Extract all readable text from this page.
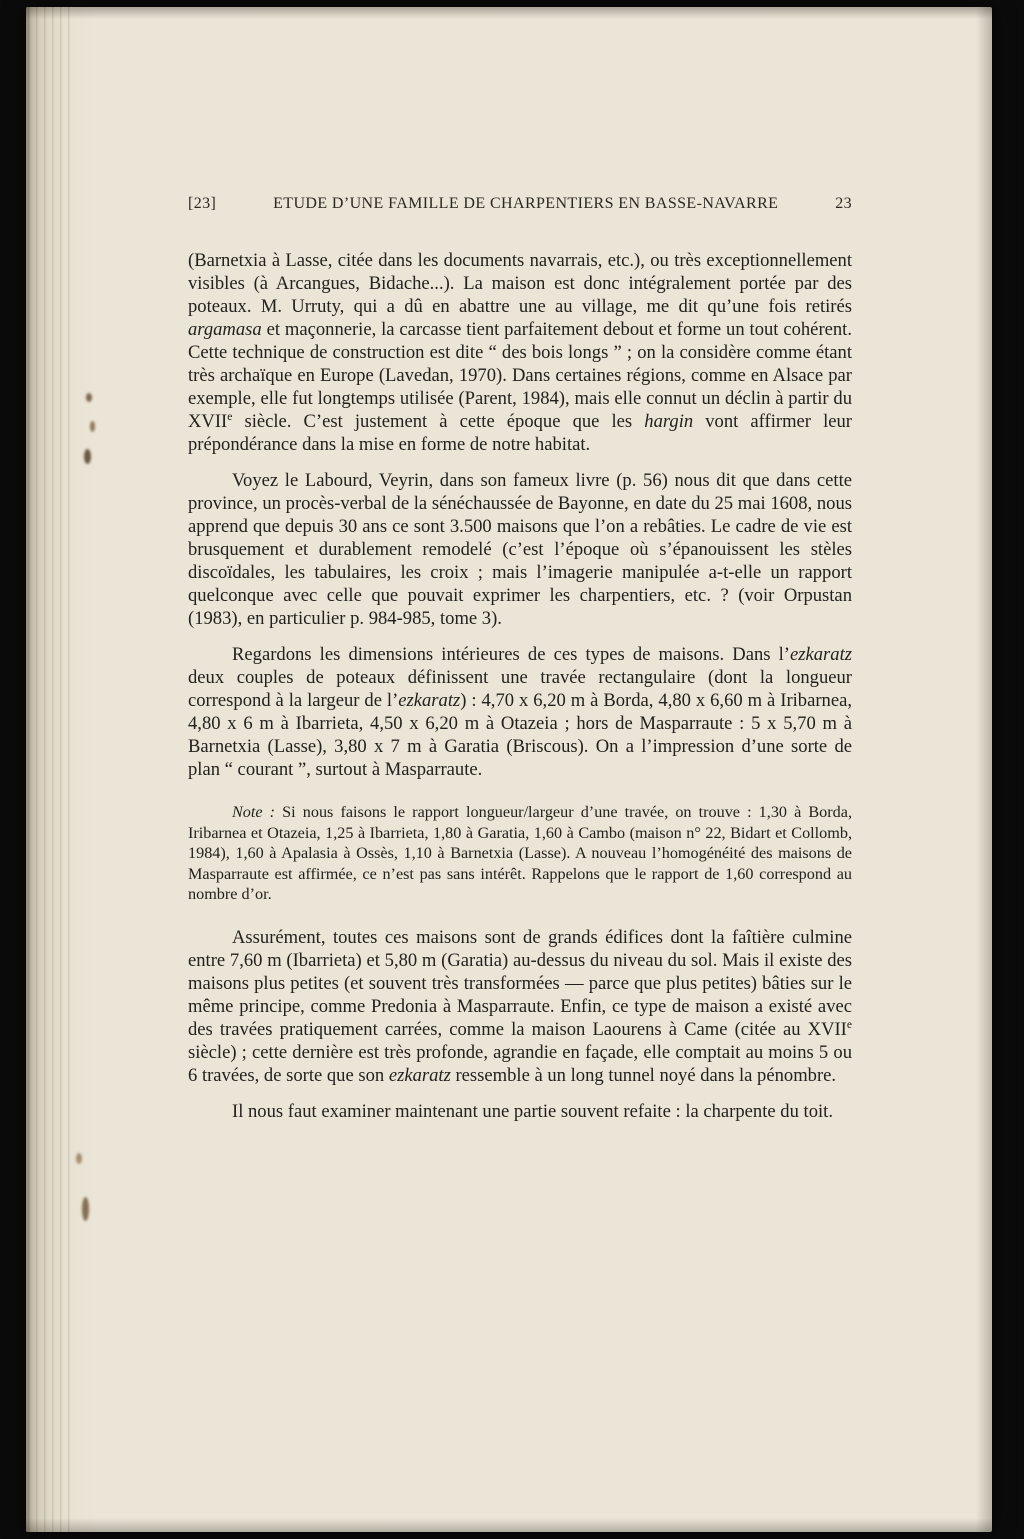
[23]	ETUDE D’UNE FAMILLE DE CHARPENTIERS EN BASSE-NAVARRE	23

(Barnetxia à Lasse, citée dans les documents navarrais, etc.), ou très exceptionnellement visibles (à Arcangues, Bidache...). La maison est donc intégralement portée par des poteaux. M. Urruty, qui a dû en abattre une au village, me dit qu’une fois retirés argamasa et maçonnerie, la carcasse tient parfaitement debout et forme un tout cohérent. Cette technique de construction est dite “ des bois longs ” ; on la considère comme étant très archaïque en Europe (Lavedan, 1970). Dans certaines régions, comme en Alsace par exemple, elle fut longtemps utilisée (Parent, 1984), mais elle connut un déclin à partir du XVIIe siècle. C’est justement à cette époque que les hargin vont affirmer leur prépondérance dans la mise en forme de notre habitat.

Voyez le Labourd, Veyrin, dans son fameux livre (p. 56) nous dit que dans cette province, un procès-verbal de la sénéchaussée de Bayonne, en date du 25 mai 1608, nous apprend que depuis 30 ans ce sont 3.500 maisons que l’on a rebâties. Le cadre de vie est brusquement et durablement remodelé (c’est l’époque où s’épanouissent les stèles discoïdales, les tabulaires, les croix ; mais l’imagerie manipulée a-t-elle un rapport quelconque avec celle que pouvait exprimer les charpentiers, etc. ? (voir Orpustan (1983), en particulier p. 984-985, tome 3).

Regardons les dimensions intérieures de ces types de maisons. Dans l’ezkaratz deux couples de poteaux définissent une travée rectangulaire (dont la longueur correspond à la largeur de l’ezkaratz) : 4,70 x 6,20 m à Borda, 4,80 x 6,60 m à Iribarnea, 4,80 x 6 m à Ibarrieta, 4,50 x 6,20 m à Otazeia ; hors de Masparraute : 5 x 5,70 m à Barnetxia (Lasse), 3,80 x 7 m à Garatia (Briscous). On a l’impression d’une sorte de plan “ courant ”, surtout à Masparraute.

Note : Si nous faisons le rapport longueur/largeur d’une travée, on trouve : 1,30 à Borda, Iribarnea et Otazeia, 1,25 à Ibarrieta, 1,80 à Garatia, 1,60 à Cambo (maison n° 22, Bidart et Collomb, 1984), 1,60 à Apalasia à Ossès, 1,10 à Barnetxia (Lasse). A nouveau l’homogénéité des maisons de Masparraute est affirmée, ce n’est pas sans intérêt. Rappelons que le rapport de 1,60 correspond au nombre d’or.

Assurément, toutes ces maisons sont de grands édifices dont la faîtière culmine entre 7,60 m (Ibarrieta) et 5,80 m (Garatia) au-dessus du niveau du sol. Mais il existe des maisons plus petites (et souvent très transformées — parce que plus petites) bâties sur le même principe, comme Predonia à Masparraute. Enfin, ce type de maison a existé avec des travées pratiquement carrées, comme la maison Laourens à Came (citée au XVIIe siècle) ; cette dernière est très profonde, agrandie en façade, elle comptait au moins 5 ou 6 travées, de sorte que son ezkaratz ressemble à un long tunnel noyé dans la pénombre.

Il nous faut examiner maintenant une partie souvent refaite : la charpente du toit.
